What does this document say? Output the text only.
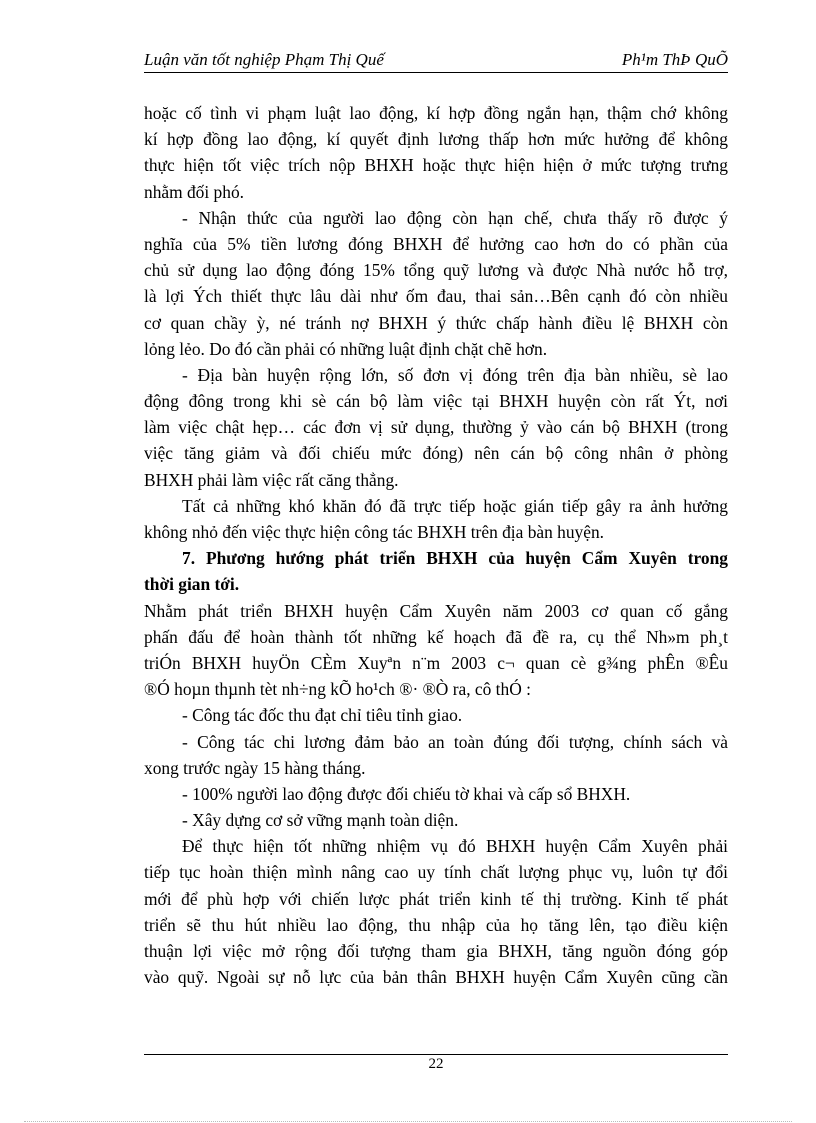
Luận văn tốt nghiệp Phạm Thị Quế	Ph¹m ThÞ QuÕ
hoặc cố tình vi phạm luật lao động, kí hợp đồng ngắn hạn, thậm chớ không
kí hợp đồng lao động, kí quyết định lương thấp hơn mức hưởng để không
thực hiện tốt việc trích nộp BHXH hoặc thực hiện hiện ở mức tượng trưng
nhằm đối phó.
- Nhận thức của người lao động còn hạn chế, chưa thấy rõ được ý
nghĩa của 5% tiền lương đóng BHXH để hưởng cao hơn do có phần của
chủ sử dụng lao động đóng 15% tổng quỹ lương và được Nhà nước hỗ trợ,
là lợi Ých thiết thực lâu dài như ốm đau, thai sản…Bên cạnh đó còn nhiều
cơ quan chầy ỳ, né tránh nợ BHXH ý thức chấp hành điều lệ BHXH còn
lỏng lẻo. Do đó cần phải có những luật định chặt chẽ hơn.
- Địa bàn huyện rộng lớn, số đơn vị đóng trên địa bàn nhiều, sè lao
động đông trong khi sè cán bộ làm việc tại BHXH huyện còn rất Ýt, nơi
làm việc chật hẹp… các đơn vị sử dụng, thường ỷ vào cán bộ BHXH (trong
việc tăng giảm và đối chiếu mức đóng) nên cán bộ công nhân ở phòng
BHXH phải làm việc rất căng thẳng.
Tất cả những khó khăn đó đã trực tiếp hoặc gián tiếp gây ra ảnh hưởng
không nhỏ đến việc thực hiện công tác BHXH trên địa bàn huyện.
7. Phương hướng phát triển BHXH của huyện Cẩm Xuyên trong
thời gian tới.
Nhằm phát triển BHXH huyện Cẩm Xuyên năm 2003 cơ quan cố gắng
phấn đấu để hoàn thành tốt những kế hoạch đã đề ra, cụ thể Nh»m ph¸t
triÓn BHXH huyÖn CÈm Xuyªn n¨m 2003 c¬ quan cè g¾ng phÊn ®Êu
®Ó hoµn thµnh tèt nh÷ng kÕ ho¹ch ®· ®Ò ra, cô thÓ :
- Công tác đốc thu đạt chỉ tiêu tỉnh giao.
- Công tác chi lương đảm bảo an toàn đúng đối tượng, chính sách và
xong trước ngày 15 hàng tháng.
- 100% người lao động được đối chiếu tờ khai và cấp sổ BHXH.
- Xây dựng cơ sở vững mạnh toàn diện.
Để thực hiện tốt những nhiệm vụ đó BHXH huyện Cẩm Xuyên phải
tiếp tục hoàn thiện mình nâng cao uy tính chất lượng phục vụ, luôn tự đổi
mới để phù hợp với chiến lược phát triển kinh tế thị trường. Kinh tế phát
triển sẽ thu hút nhiều lao động, thu nhập của họ tăng lên, tạo điều kiện
thuận lợi việc mở rộng đối tượng tham gia BHXH, tăng nguồn đóng góp
vào quỹ. Ngoài sự nỗ lực của bản thân BHXH huyện Cẩm Xuyên cũng cần
22
